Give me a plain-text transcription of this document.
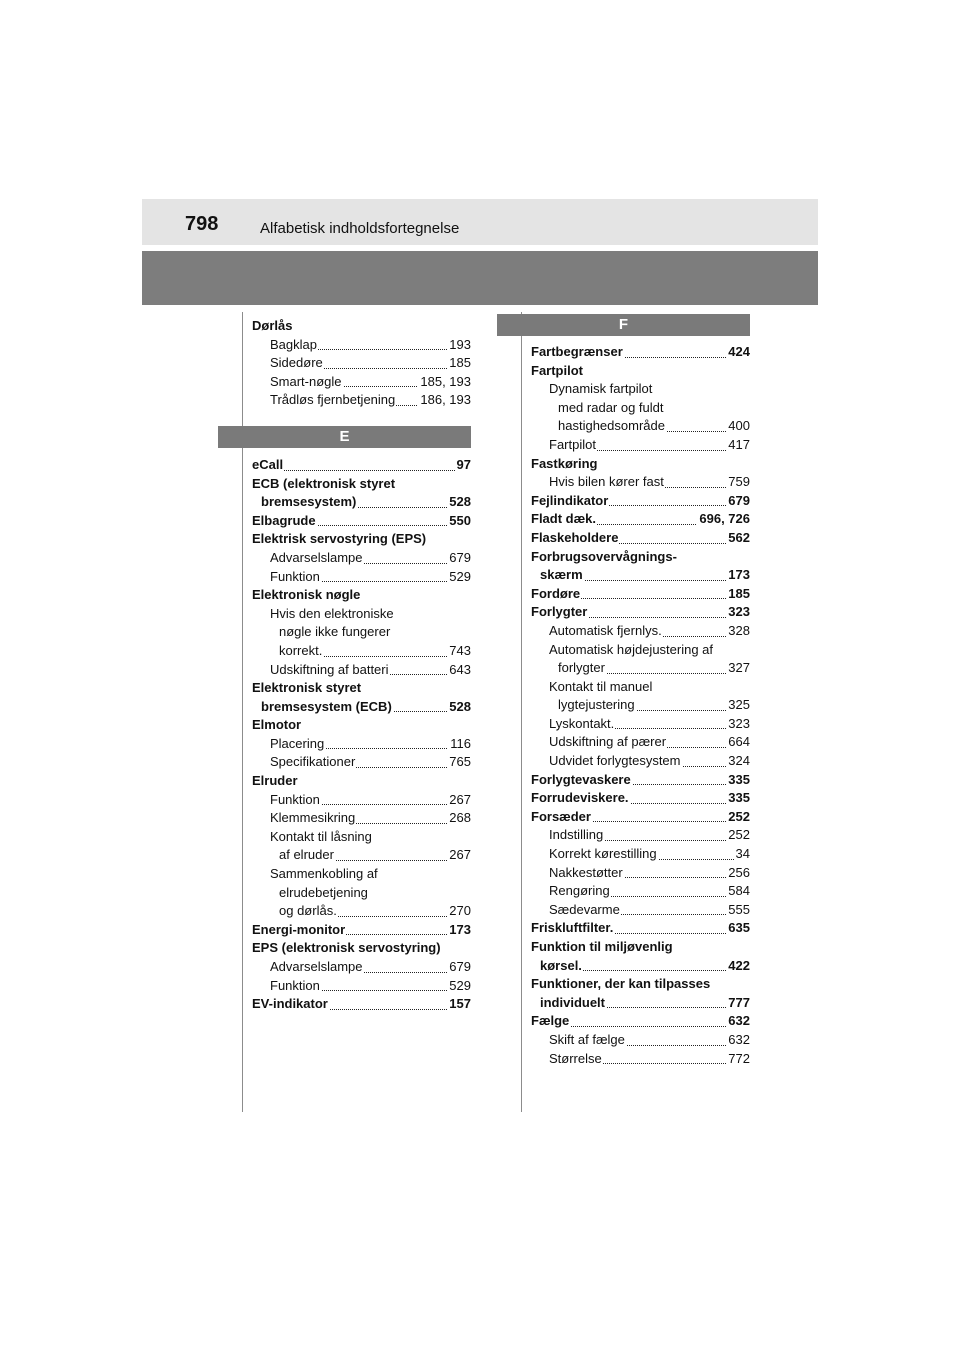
798	Alfabetisk indholdsfortegnelse
Dørlås
Bagklap	193
Sidedøre	185
Smart-nøgle	185, 193
Trådløs fjernbetjening 186, 193
E
eCall	97
ECB (elektronisk styret
bremsesystem)	528
Elbagrude	550
Elektrisk servostyring (EPS)
Advarselslampe	679
Funktion	529
Elektronisk nøgle
Hvis den elektroniske
nøgle ikke fungerer
korrekt.	743
Udskiftning af batteri	643
Elektronisk styret
bremsesystem (ECB)	528
Elmotor
Placering	116
Specifikationer	765
Elruder
Funktion	267
Klemmesikring	268
Kontakt til låsning
af elruder	267
Sammenkobling af
elrudebetjening
og dørlås.	270
Energi-monitor	173
EPS (elektronisk servostyring)
Advarselslampe	679
Funktion	529
EV-indikator	157
F
Fartbegrænser	424
Fartpilot
Dynamisk fartpilot
med radar og fuldt
hastighedsområde	400
Fartpilot	417
Fastkøring
Hvis bilen kører fast	759
Fejlindikator	679
Fladt dæk.	696, 726
Flaskeholdere	562
Forbrugsovervågnings-
skærm	173
Fordøre	185
Forlygter	323
Automatisk fjernlys.	328
Automatisk højdejustering af
forlygter	327
Kontakt til manuel
lygtejustering	325
Lyskontakt.	323
Udskiftning af pærer	664
Udvidet forlygtesystem	324
Forlygtevaskere	335
Forrudeviskere.	335
Forsæder	252
Indstilling	252
Korrekt kørestilling	34
Nakkestøtter	256
Rengøring	584
Sædevarme	555
Friskluftfilter.	635
Funktion til miljøvenlig
kørsel.	422
Funktioner, der kan tilpasses
individuelt	777
Fælge	632
Skift af fælge	632
Størrelse	772
